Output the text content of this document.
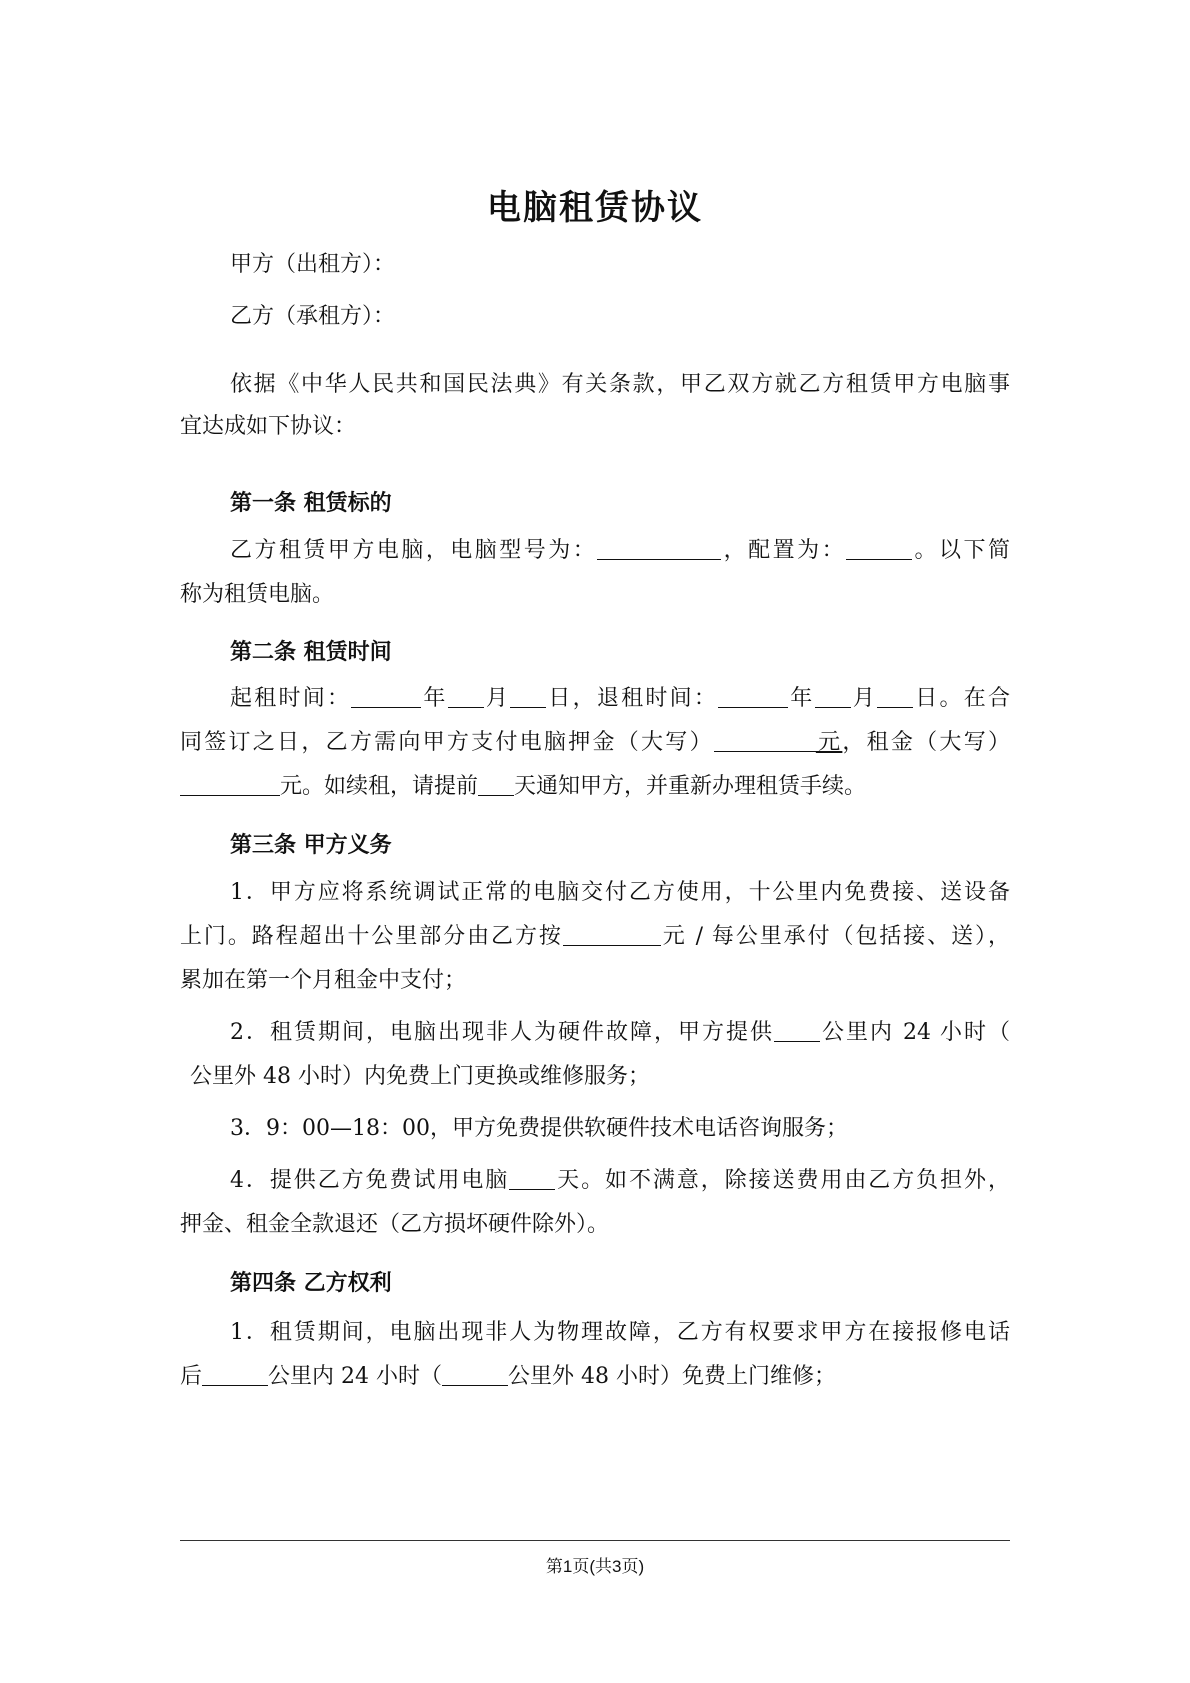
电脑租赁协议
甲方（出租方）：
乙方（承租方）：
依据《中华人民共和国民法典》有关条款，甲乙双方就乙方租赁甲方电脑事
宜达成如下协议：
第一条 租赁标的
乙方租赁甲方电脑，电脑型号为：	，配置为：	。以下简
称为租赁电脑。
第二条 租赁时间
起租时间：	年 月 日，退租时间：	年 月 日。在合
同签订之日，乙方需向甲方支付电脑押金（大写）	元，租金（大写）
元。如续租，请提前 天通知甲方，并重新办理租赁手续。
第三条 甲方义务
1．甲方应将系统调试正常的电脑交付乙方使用，十公里内免费接、送设备
上门。路程超出十公里部分由乙方按	元 / 每公里承付（包括接、送），
累加在第一个月租金中支付；
2．租赁期间，电脑出现非人为硬件故障，甲方提供 公里内 24 小时（
公里外 48 小时）内免费上门更换或维修服务；
3．9：00—18：00，甲方免费提供软硬件技术电话咨询服务；
4．提供乙方免费试用电脑 天。如不满意，除接送费用由乙方负担外，
押金、租金全款退还（乙方损坏硬件除外）。
第四条 乙方权利
1．租赁期间，电脑出现非人为物理故障，乙方有权要求甲方在接报修电话
后	公里内 24 小时（	公里外 48 小时）免费上门维修；
第1页(共3页)
